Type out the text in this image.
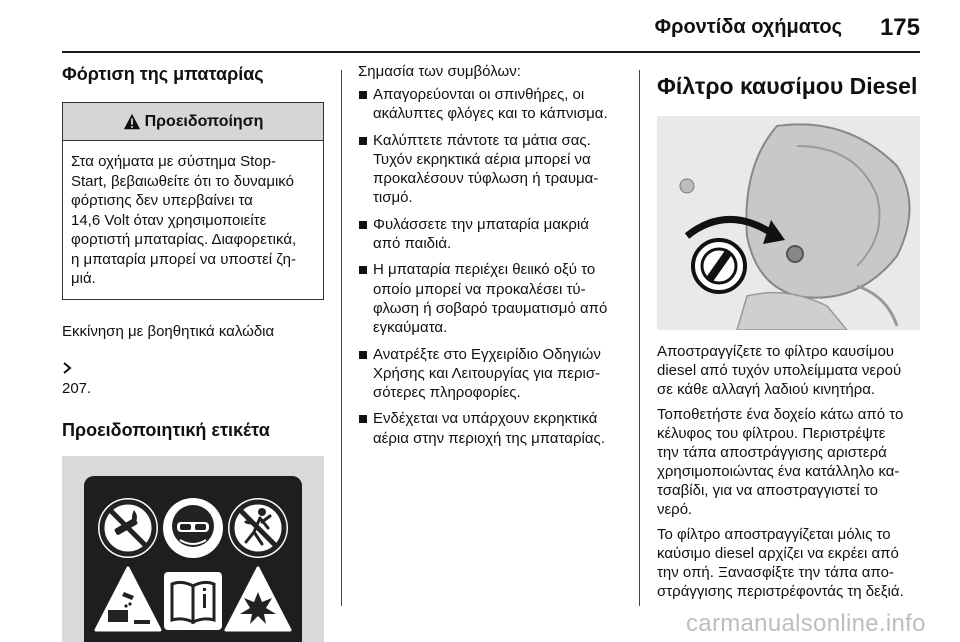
Φροντίδα οχήματος 175
Φόρτιση της μπαταρίας
Προειδοποίηση
Στα οχήματα με σύστημα Stop-
Start, βεβαιωθείτε ότι το δυναμικό
φόρτισης δεν υπερβαίνει τα
14,6 Volt όταν χρησιμοποιείτε
φορτιστή μπαταρίας. Διαφορετικά,
η μπαταρία μπορεί να υποστεί ζη-
μιά.
Εκκίνηση με βοηθητικά καλώδια

207.

Προειδοποιητική ετικέτα
Σημασία των συμβόλων:
Απαγορεύονται οι σπινθήρες, οι
ακάλυπτες φλόγες και το κάπνισμα.
Καλύπτετε πάντοτε τα μάτια σας.
Τυχόν εκρηκτικά αέρια μπορεί να
προκαλέσουν τύφλωση ή τραυμα-
τισμό.
Φυλάσσετε την μπαταρία μακριά
από παιδιά.
Η μπαταρία περιέχει θειικό οξύ το
οποίο μπορεί να προκαλέσει τύ-
φλωση ή σοβαρό τραυματισμό από
εγκαύματα.
Ανατρέξτε στο Εγχειρίδιο Οδηγιών
Χρήσης και Λειτουργίας για περισ-
σότερες πληροφορίες.
Ενδέχεται να υπάρχουν εκρηκτικά
αέρια στην περιοχή της μπαταρίας.
Φίλτρο καυσίμου Diesel
Αποστραγγίζετε το φίλτρο καυσίμου
diesel από τυχόν υπολείμματα νερού
σε κάθε αλλαγή λαδιού κινητήρα.
Τοποθετήστε ένα δοχείο κάτω από το
κέλυφος του φίλτρου. Περιστρέψτε
την τάπα αποστράγγισης αριστερά
χρησιμοποιώντας ένα κατάλληλο κα-
τσαβίδι, για να αποστραγγιστεί το
νερό.
Το φίλτρο αποστραγγίζεται μόλις το
καύσιμο diesel αρχίζει να εκρέει από
την οπή. Ξανασφίξτε την τάπα απο-
στράγγισης περιστρέφοντάς τη δεξιά.
carmanualsonline.info
